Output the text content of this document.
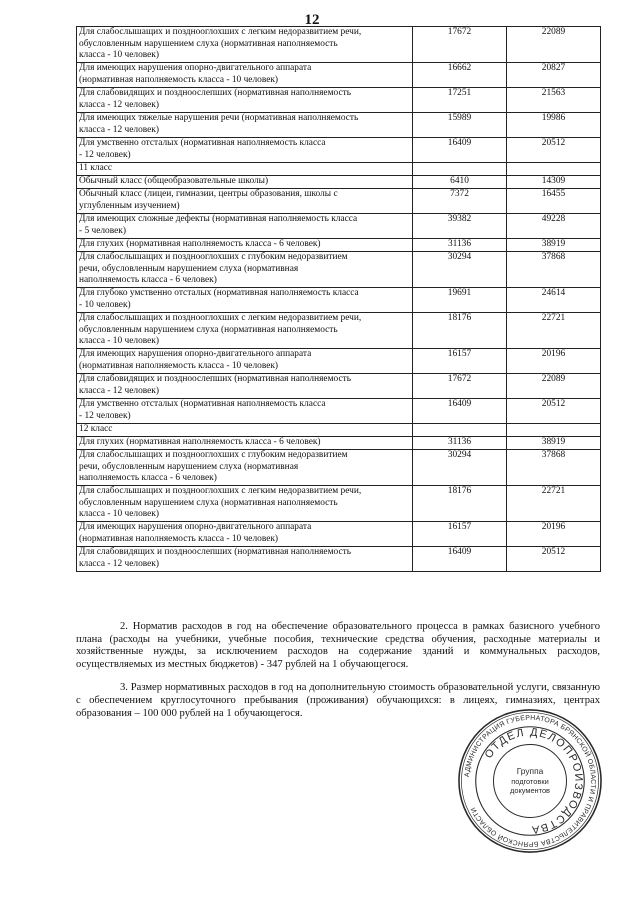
12
Для слабослышащих и позднооглохших с легким недоразвитием речи,
обусловленным нарушением слуха (нормативная наполняемость
класса - 10 человек)	17672	22089
Для имеющих нарушения опорно-двигательного аппарата
(нормативная наполняемость класса - 10 человек)	16662	20827
Для слабовидящих и поздноослепших (нормативная наполняемость
класса - 12 человек)	17251	21563
Для имеющих тяжелые нарушения речи (нормативная наполняемость
класса - 12 человек)	15989	19986
Для умственно отсталых (нормативная наполняемость класса
- 12 человек)	16409	20512
11 класс		
Обычный класс (общеобразовательные школы)	6410	14309
Обычный класс (лицеи, гимназии, центры образования, школы с
углубленным изучением)	7372	16455
Для имеющих сложные дефекты (нормативная наполняемость класса
- 5 человек)	39382	49228
Для глухих (нормативная наполняемость класса - 6 человек)	31136	38919
Для слабослышащих и позднооглохших с глубоким недоразвитием
речи, обусловленным нарушением слуха (нормативная
наполняемость класса - 6 человек)	30294	37868
Для глубоко умственно отсталых (нормативная наполняемость класса
- 10 человек)	19691	24614
Для слабослышащих и позднооглохших с легким недоразвитием речи,
обусловленным нарушением слуха (нормативная наполняемость
класса - 10 человек)	18176	22721
Для имеющих нарушения опорно-двигательного аппарата
(нормативная наполняемость класса - 10 человек)	16157	20196
Для слабовидящих и поздноослепших (нормативная наполняемость
класса - 12 человек)	17672	22089
Для умственно отсталых (нормативная наполняемость класса
- 12 человек)	16409	20512
12 класс		
Для глухих (нормативная наполняемость класса - 6 человек)	31136	38919
Для слабослышащих и позднооглохших с глубоким недоразвитием
речи, обусловленным нарушением слуха (нормативная
наполняемость класса - 6 человек)	30294	37868
Для слабослышащих и позднооглохших с легким недоразвитием речи,
обусловленным нарушением слуха (нормативная наполняемость
класса - 10 человек)	18176	22721
Для имеющих нарушения опорно-двигательного аппарата
(нормативная наполняемость класса - 10 человек)	16157	20196
Для слабовидящих и поздноослепших (нормативная наполняемость
класса - 12 человек)	16409	20512

2. Норматив расходов в год на обеспечение образовательного процесса в рамках базисного учебного плана (расходы на учебники, учебные пособия, технические средства обучения, расходные материалы и хозяйственные нужды, за исключением расходов на содержание зданий и коммунальных расходов, осуществляемых из местных бюджетов) - 347 рублей на 1 обучающегося.

3. Размер нормативных расходов в год на дополнительную стоимость образовательной услуги, связанную с обеспечением круглосуточного пребывания (проживания) обучающихся: в лицеях, гимназиях, центрах образования – 100 000 рублей на 1 обучающегося.

АДМИНИСТРАЦИЯ ГУБЕРНАТОРА БРЯНСКОЙ ОБЛАСТИ И ПРАВИТЕЛЬСТВА БРЯНСКОЙ ОБЛАСТИ
ОТДЕЛ ДЕЛОПРОИЗВОДСТВА
Группа
подготовки
документов
